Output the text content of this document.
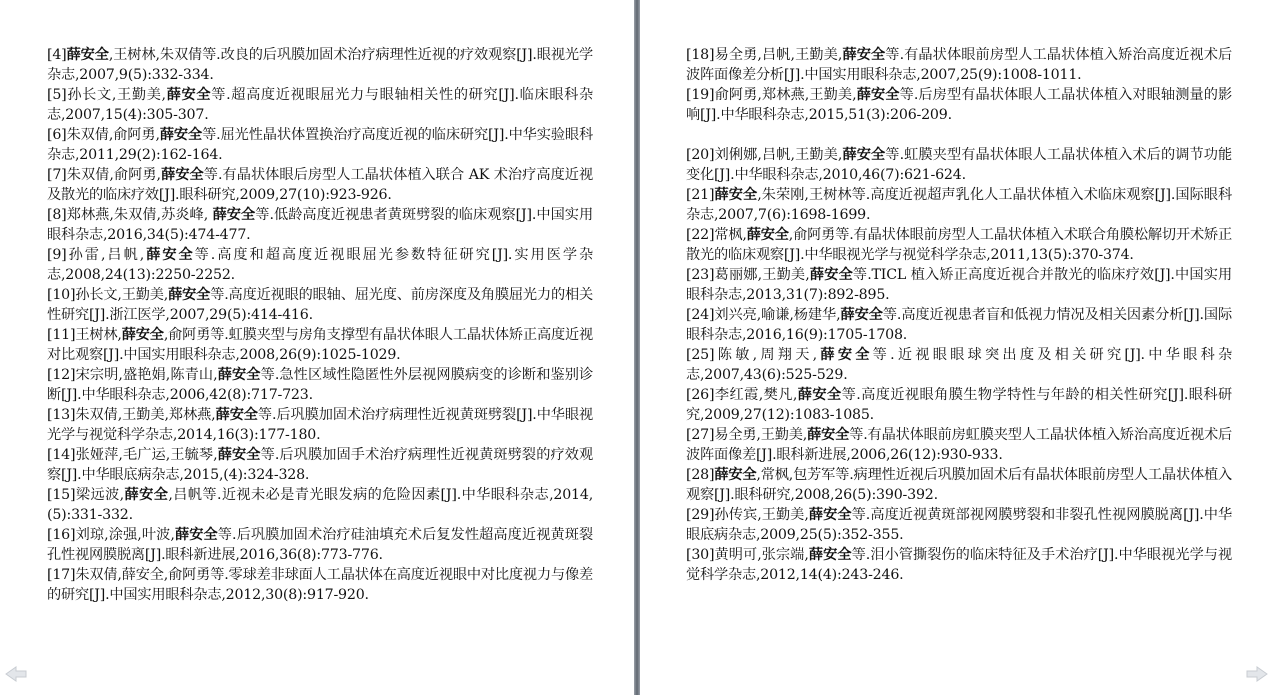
[4]薛安全,王树林,朱双倩等.改良的后巩膜加固术治疗病理性近视的疗效观察[J].眼视光学杂志,2007,9(5):332-334.

[5]孙长文,王勤美,薛安全等.超高度近视眼屈光力与眼轴相关性的研究[J].临床眼科杂志,2007,15(4):305-307.

[6]朱双倩,俞阿勇,薛安全等.屈光性晶状体置换治疗高度近视的临床研究[J].中华实验眼科杂志,2011,29(2):162-164.

[7]朱双倩,俞阿勇,薛安全等.有晶状体眼后房型人工晶状体植入联合 AK 术治疗高度近视及散光的临床疗效[J].眼科研究,2009,27(10):923-926.

[8]郑林燕,朱双倩,苏炎峰, 薛安全等.低龄高度近视患者黄斑劈裂的临床观察[J].中国实用眼科杂志,2016,34(5):474-477.

[9]孙雷,吕帆,薛安全等.高度和超高度近视眼屈光参数特征研究[J].实用医学杂志,2008,24(13):2250-2252.

[10]孙长文,王勤美,薛安全等.高度近视眼的眼轴、屈光度、前房深度及角膜屈光力的相关性研究[J].浙江医学,2007,29(5):414-416.

[11]王树林,薛安全,俞阿勇等.虹膜夹型与房角支撑型有晶状体眼人工晶状体矫正高度近视对比观察[J].中国实用眼科杂志,2008,26(9):1025-1029.

[12]宋宗明,盛艳娟,陈青山,薛安全等.急性区域性隐匿性外层视网膜病变的诊断和鉴别诊断[J].中华眼科杂志,2006,42(8):717-723.

[13]朱双倩,王勤美,郑林燕,薛安全等.后巩膜加固术治疗病理性近视黄斑劈裂[J].中华眼视光学与视觉科学杂志,2014,16(3):177-180.

[14]张娅萍,毛广运,王毓琴,薛安全等.后巩膜加固手术治疗病理性近视黄斑劈裂的疗效观察[J].中华眼底病杂志,2015,(4):324-328.

[15]梁远波,薛安全,吕帆等.近视未必是青光眼发病的危险因素[J].中华眼科杂志,2014,(5):331-332.

[16]刘琼,涂强,叶波,薛安全等.后巩膜加固术治疗硅油填充术后复发性超高度近视黄斑裂孔性视网膜脱离[J].眼科新进展,2016,36(8):773-776.

[17]朱双倩,薛安全,俞阿勇等.零球差非球面人工晶状体在高度近视眼中对比度视力与像差的研究[J].中国实用眼科杂志,2012,30(8):917-920.

[18]易全勇,吕帆,王勤美,薛安全等.有晶状体眼前房型人工晶状体植入矫治高度近视术后波阵面像差分析[J].中国实用眼科杂志,2007,25(9):1008-1011.

[19]俞阿勇,郑林燕,王勤美,薛安全等.后房型有晶状体眼人工晶状体植入对眼轴测量的影响[J].中华眼科杂志,2015,51(3):206-209.

[20]刘俐娜,吕帆,王勤美,薛安全等.虹膜夹型有晶状体眼人工晶状体植入术后的调节功能变化[J].中华眼科杂志,2010,46(7):621-624.

[21]薛安全,朱荣刚,王树林等.高度近视超声乳化人工晶状体植入术临床观察[J].国际眼科杂志,2007,7(6):1698-1699.

[22]常枫,薛安全,俞阿勇等.有晶状体眼前房型人工晶状体植入术联合角膜松解切开术矫正散光的临床观察[J].中华眼视光学与视觉科学杂志,2011,13(5):370-374.

[23]葛丽娜,王勤美,薛安全等.TICL 植入矫正高度近视合并散光的临床疗效[J].中国实用眼科杂志,2013,31(7):892-895.

[24]刘兴亮,喻谦,杨建华,薛安全等.高度近视患者盲和低视力情况及相关因素分析[J].国际眼科杂志,2016,16(9):1705-1708.

[25]陈敏,周翔天,薛安全等.近视眼眼球突出度及相关研究[J].中华眼科杂志,2007,43(6):525-529.

[26]李红霞,樊凡,薛安全等.高度近视眼角膜生物学特性与年龄的相关性研究[J].眼科研究,2009,27(12):1083-1085.

[27]易全勇,王勤美,薛安全等.有晶状体眼前房虹膜夹型人工晶状体植入矫治高度近视术后波阵面像差[J].眼科新进展,2006,26(12):930-933.

[28]薛安全,常枫,包芳军等.病理性近视后巩膜加固术后有晶状体眼前房型人工晶状体植入观察[J].眼科研究,2008,26(5):390-392.

[29]孙传宾,王勤美,薛安全等.高度近视黄斑部视网膜劈裂和非裂孔性视网膜脱离[J].中华眼底病杂志,2009,25(5):352-355.

[30]黄明可,张宗端,薛安全等.泪小管撕裂伤的临床特征及手术治疗[J].中华眼视光学与视觉科学杂志,2012,14(4):243-246.
